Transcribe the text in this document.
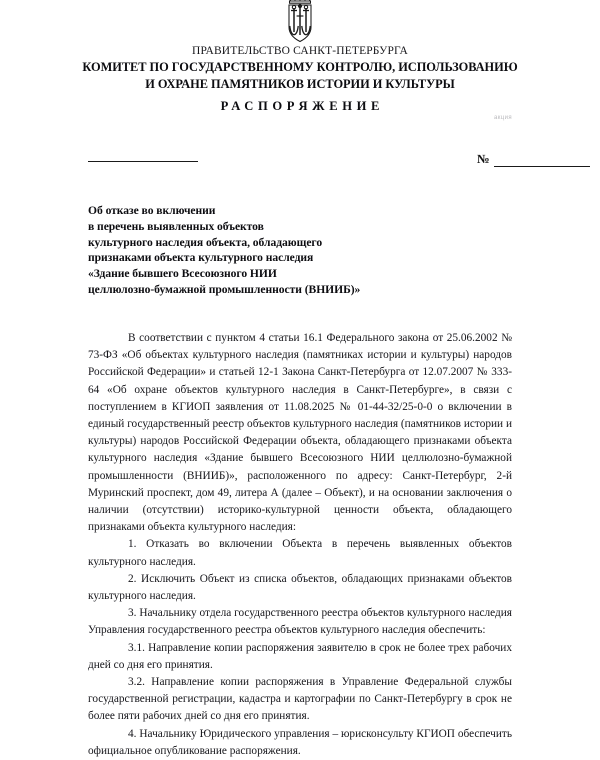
ПРАВИТЕЛЬСТВО САНКТ-ПЕТЕРБУРГА
КОМИТЕТ ПО ГОСУДАРСТВЕННОМУ КОНТРОЛЮ, ИСПОЛЬЗОВАНИЮ
И ОХРАНЕ ПАМЯТНИКОВ ИСТОРИИ И КУЛЬТУРЫ
РАСПОРЯЖЕНИЕ
акция
№
Об отказе во включении
в перечень выявленных объектов
культурного наследия объекта, обладающего
признаками объекта культурного наследия
«Здание бывшего Всесоюзного НИИ
целлюлозно-бумажной промышленности (ВНИИБ)»

В соответствии с пунктом 4 статьи 16.1 Федерального закона от 25.06.2002 № 73-ФЗ «Об объектах культурного наследия (памятниках истории и культуры) народов Российской Федерации» и статьей 12-1 Закона Санкт-Петербурга от 12.07.2007 № 333-64 «Об охране объектов культурного наследия в Санкт-Петербурге», в связи с поступлением в КГИОП заявления от 11.08.2025 № 01-44-32/25-0-0 о включении в единый государственный реестр объектов культурного наследия (памятников истории и культуры) народов Российской Федерации объекта, обладающего признаками объекта культурного наследия «Здание бывшего Всесоюзного НИИ целлюлозно-бумажной промышленности (ВНИИБ)», расположенного по адресу: Санкт-Петербург, 2-й Муринский проспект, дом 49, литера А (далее – Объект), и на основании заключения о наличии (отсутствии) историко-культурной ценности объекта, обладающего признаками объекта культурного наследия:

1. Отказать во включении Объекта в перечень выявленных объектов культурного наследия.

2. Исключить Объект из списка объектов, обладающих признаками объектов культурного наследия.

3. Начальнику отдела государственного реестра объектов культурного наследия Управления государственного реестра объектов культурного наследия обеспечить:

3.1. Направление копии распоряжения заявителю в срок не более трех рабочих дней со дня его принятия.

3.2. Направление копии распоряжения в Управление Федеральной службы государственной регистрации, кадастра и картографии по Санкт-Петербургу в срок не более пяти рабочих дней со дня его принятия.

4. Начальнику Юридического управления – юрисконсульту КГИОП обеспечить официальное опубликование распоряжения.
